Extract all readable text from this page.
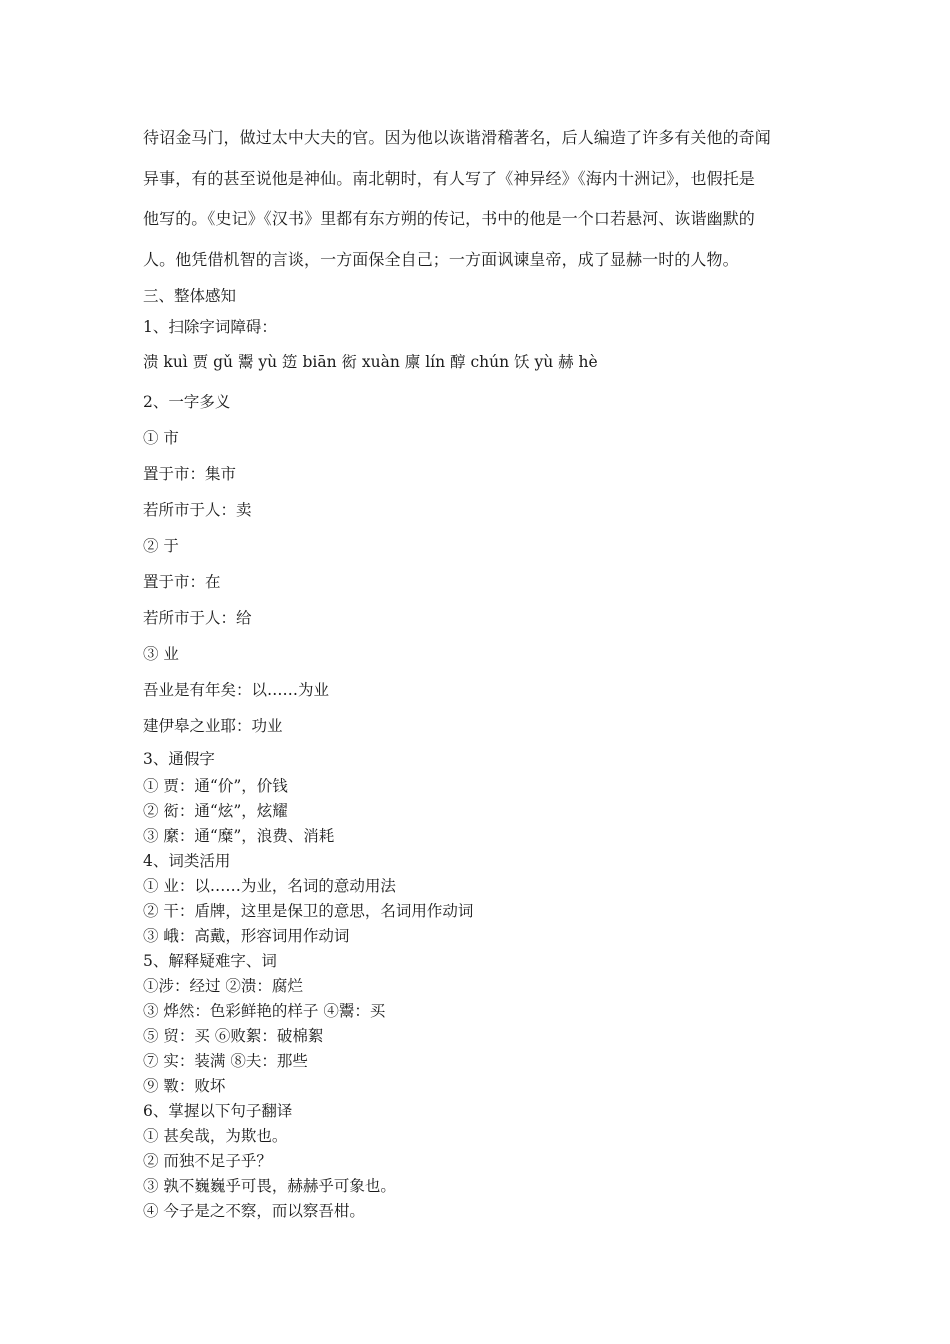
待诏金马门，做过太中大夫的官。因为他以诙谐滑稽著名，后人编造了许多有关他的奇闻
异事，有的甚至说他是神仙。南北朝时，有人写了《神异经》《海内十洲记》，也假托是
他写的。《史记》《汉书》里都有东方朔的传记，书中的他是一个口若悬河、诙谐幽默的
人。他凭借机智的言谈，一方面保全自己；一方面讽谏皇帝，成了显赫一时的人物。
三、整体感知
1、扫除字词障碍：
溃 kuì 贾 gǔ 鬻 yù 笾 biān 衒 xuàn 廪 lín 醇 chún 饫 yù 赫 hè
2、一字多义
① 市
置于市：集市
若所市于人：卖
② 于
置于市：在
若所市于人：给
③ 业
吾业是有年矣：以……为业
建伊皋之业耶：功业
3、通假字
① 贾：通“价”，价钱
② 衒：通“炫”，炫耀
③ 縻：通“糜”，浪费、消耗
4、词类活用
① 业：以……为业，名词的意动用法
② 干：盾牌，这里是保卫的意思，名词用作动词
③ 峨：高戴，形容词用作动词
5、解释疑难字、词
①涉：经过 ②溃：腐烂
③ 烨然：色彩鲜艳的样子 ④鬻：买
⑤ 贸：买 ⑥败絮：破棉絮
⑦ 实：装满 ⑧夫：那些
⑨ 斁：败坏
6、掌握以下句子翻译
① 甚矣哉，为欺也。
② 而独不足子乎？
③ 孰不巍巍乎可畏，赫赫乎可象也。
④ 今子是之不察，而以察吾柑。
